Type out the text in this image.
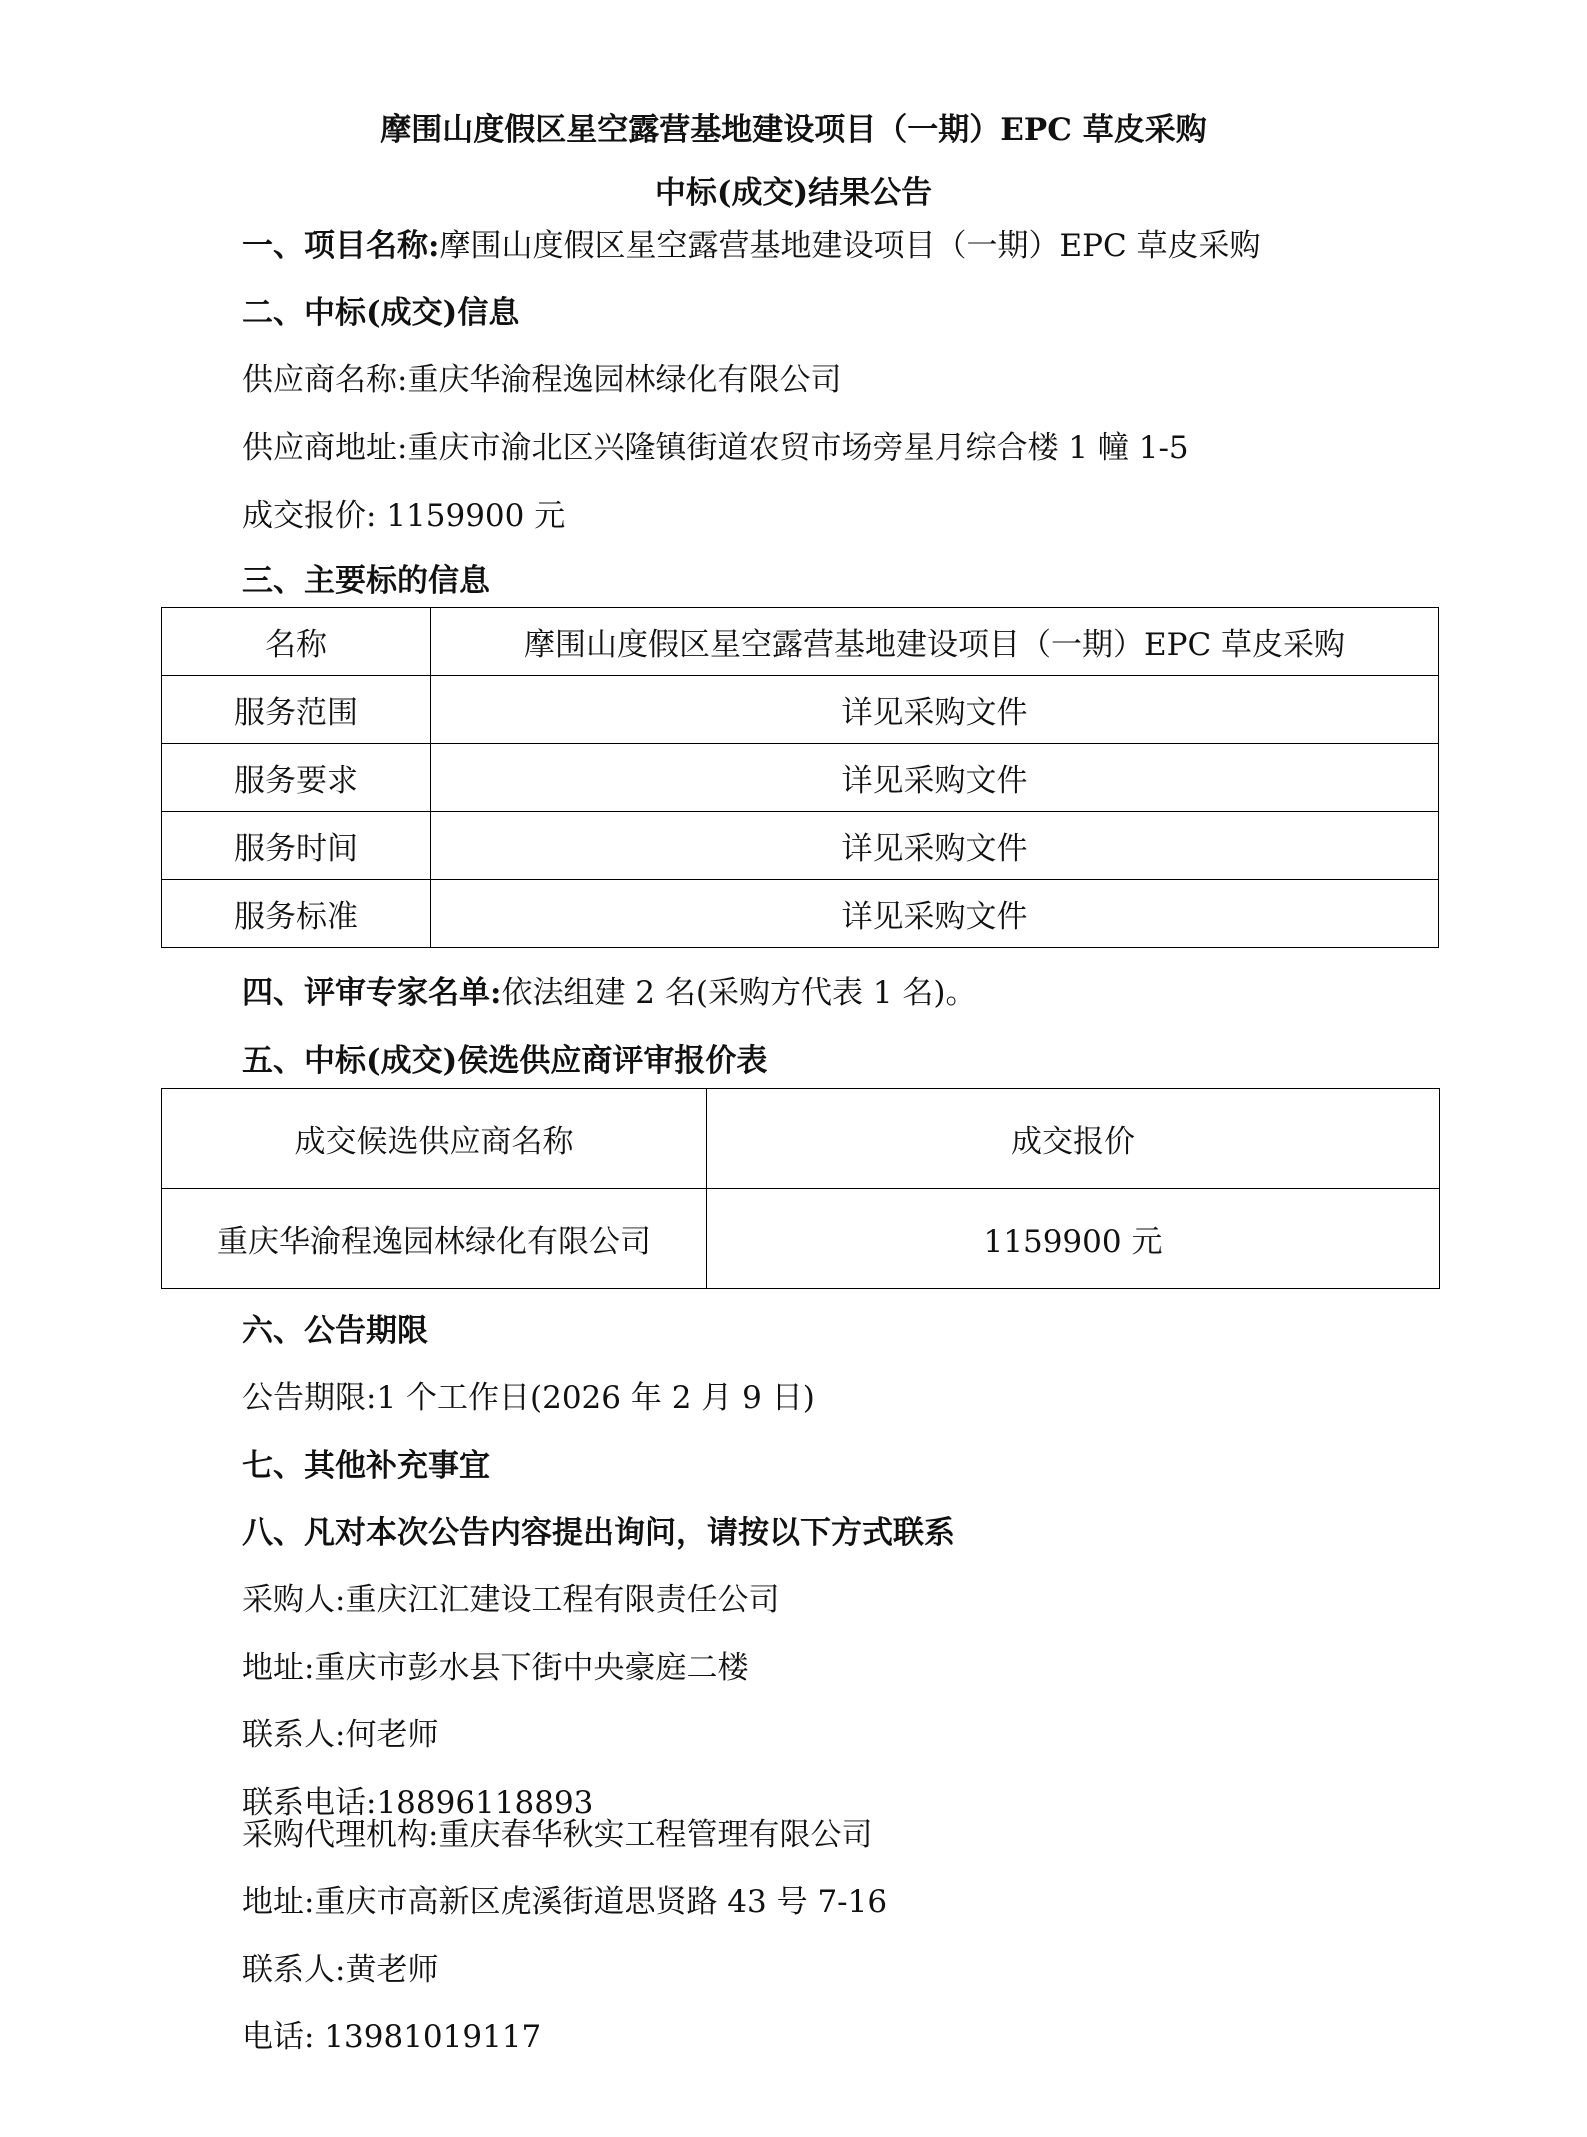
摩围山度假区星空露营基地建设项目（一期）EPC 草皮采购
中标(成交)结果公告
一、项目名称:摩围山度假区星空露营基地建设项目（一期）EPC 草皮采购
二、中标(成交)信息
供应商名称:重庆华渝程逸园林绿化有限公司
供应商地址:重庆市渝北区兴隆镇街道农贸市场旁星月综合楼 1 幢 1-5
成交报价: 1159900 元
三、主要标的信息
名称	摩围山度假区星空露营基地建设项目（一期）EPC 草皮采购
服务范围	详见采购文件
服务要求	详见采购文件
服务时间	详见采购文件
服务标准	详见采购文件
四、评审专家名单:依法组建 2 名(采购方代表 1 名)。
五、中标(成交)侯选供应商评审报价表
成交候选供应商名称	成交报价
重庆华渝程逸园林绿化有限公司	1159900 元
六、公告期限
公告期限:1 个工作日(2026 年 2 月 9 日)
七、其他补充事宜
八、凡对本次公告内容提出询问，请按以下方式联系
采购人:重庆江汇建设工程有限责任公司
地址:重庆市彭水县下街中央豪庭二楼
联系人:何老师
联系电话:18896118893
采购代理机构:重庆春华秋实工程管理有限公司
地址:重庆市高新区虎溪街道思贤路 43 号 7-16
联系人:黄老师
电话: 13981019117
